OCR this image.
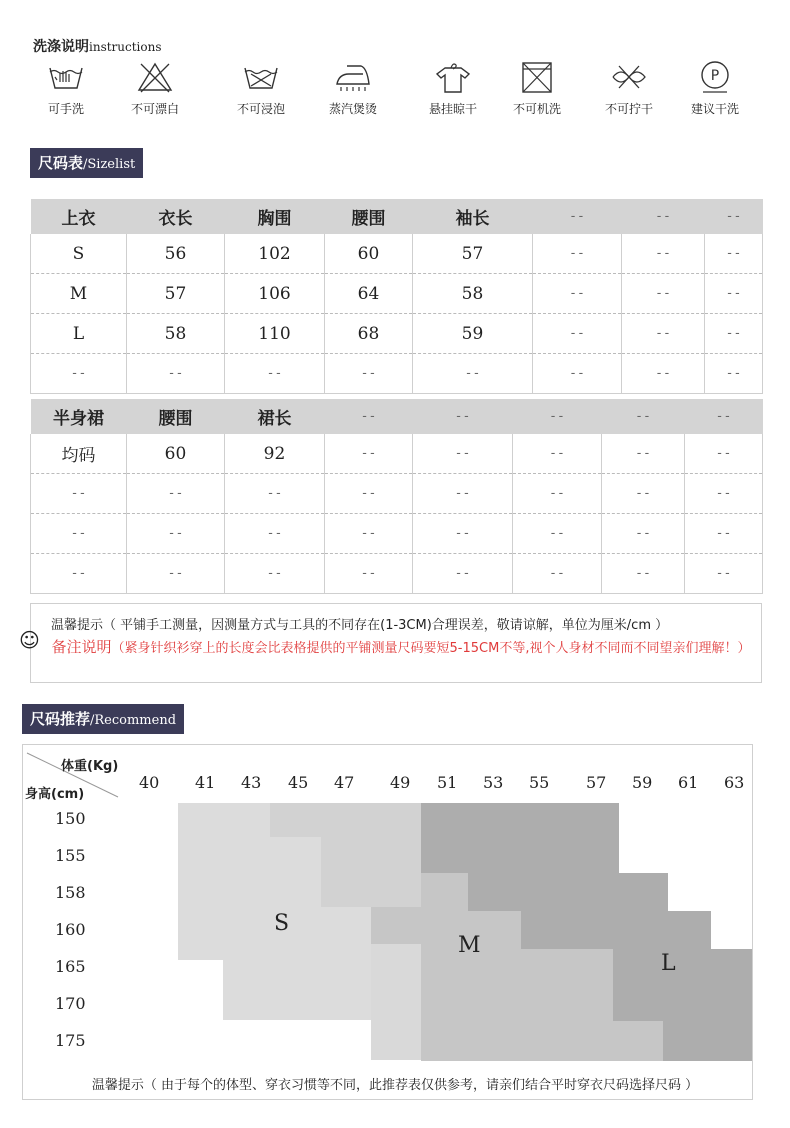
洗涤说明instructions
可手洗	不可漂白	不可浸泡	蒸汽煲烫	悬挂晾干	不可机洗	不可拧干
P
建议干洗
尺码表/Sizelist
上衣	衣长	胸围	腰围	袖长	--	--	--
S	56	102	60	57	--	--	--
M	57	106	64	58	--	--	--
L	58	110	68	59	--	--	--
--	--	--	--	--	--	--	--
半身裙	腰围	裙长	--	--	--	--	--
均码	60	92	--	--	--	--	--
--	--	--	--	--	--	--	--
--	--	--	--	--	--	--	--
--	--	--	--	--	--	--	--
温馨提示（ 平铺手工测量，因测量方式与工具的不同存在(1-3CM)合理误差，敬请谅解，单位为厘米/cm ）
备注说明（紧身针织衫穿上的长度会比表格提供的平铺测量尺码要短5-15CM不等,视个人身材不同而不同望亲们理解！）
☺
尺码推荐/Recommend
体重(Kg)
身高(cm)
S
M
L
40 41 43 45 47 49 51 53 55 57 59 61 63
150
155
158
160
165
170
175
温馨提示（ 由于每个的体型、穿衣习惯等不同，此推荐表仅供参考，请亲们结合平时穿衣尺码选择尺码 ）
